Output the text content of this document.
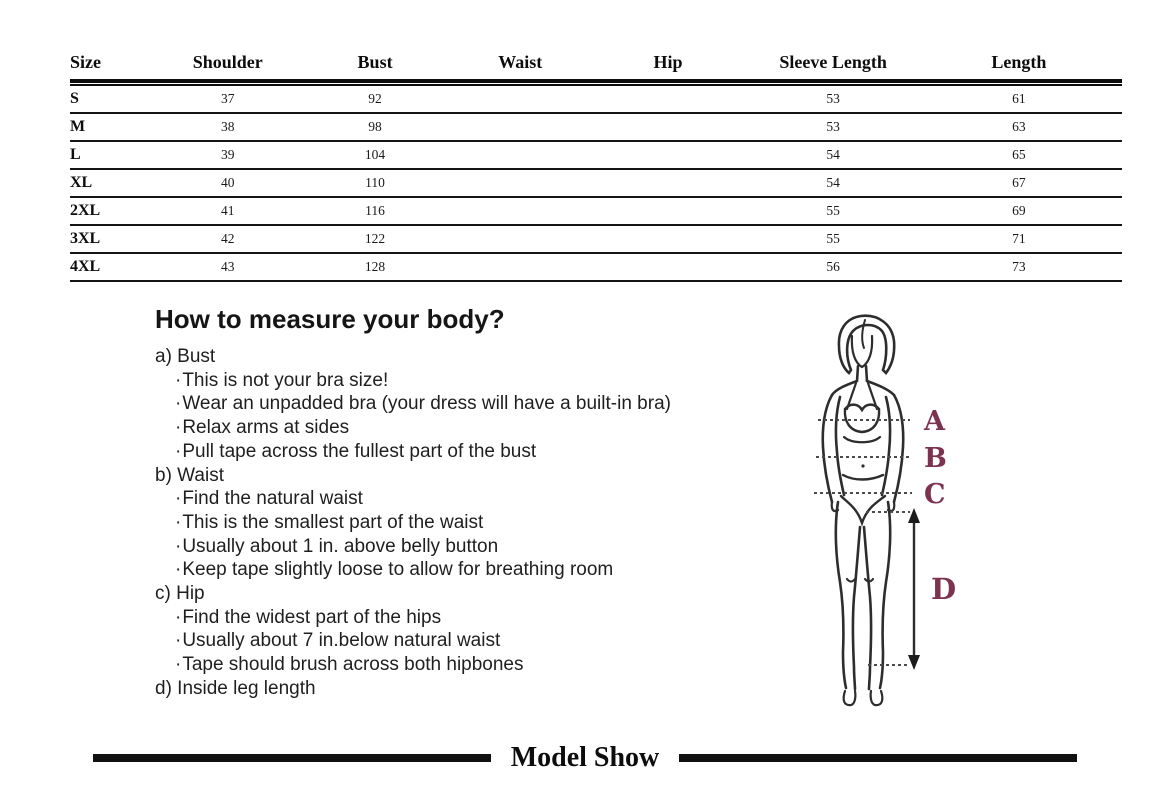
Size	Shoulder	Bust	Waist	Hip	Sleeve Length	Length

S	37	92			53	61
M	38	98			53	63
L	39	104			54	65
XL	40	110			54	67
2XL	41	116			55	69
3XL	42	122			55	71
4XL	43	128			56	73
How to measure your body?
a) Bust
· This is not your bra size!
· Wear an unpadded bra (your dress will have a built-in bra)
· Relax arms at sides
· Pull tape across the fullest part of the bust
b) Waist
· Find the natural waist
· This is the smallest part of the waist
· Usually about 1 in. above belly button
· Keep tape slightly loose to allow for breathing room
c) Hip
· Find the widest part of the hips
· Usually about 7 in.below natural waist
· Tape should brush across both hipbones
d) Inside leg length
A
B
C
D
Model Show
